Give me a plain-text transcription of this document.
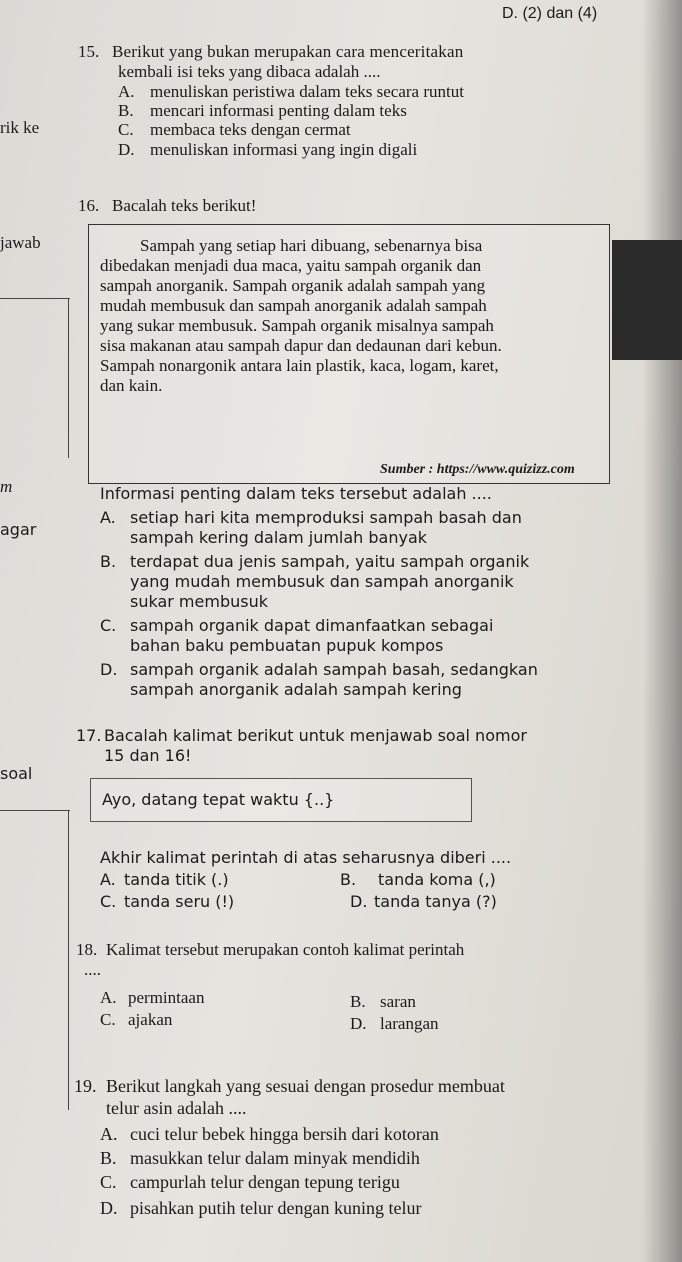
D. (2) dan (4)
rik ke
jawab
m
agar
soal
15. Berikut yang bukan merupakan cara menceritakan
kembali isi teks yang dibaca adalah ....
A. menuliskan peristiwa dalam teks secara runtut
B. mencari informasi penting dalam teks
C. membaca teks dengan cermat
D. menuliskan informasi yang ingin digali
16. Bacalah teks berikut!
Sampah yang setiap hari dibuang, sebenarnya bisa
dibedakan menjadi dua maca, yaitu sampah organik dan
sampah anorganik. Sampah organik adalah sampah yang
mudah membusuk dan sampah anorganik adalah sampah
yang sukar membusuk. Sampah organik misalnya sampah
sisa makanan atau sampah dapur dan dedaunan dari kebun.
Sampah nonargonik antara lain plastik, kaca, logam, karet,
dan kain.
Sumber : https://www.quizizz.com
Informasi penting dalam teks tersebut adalah ....
A. setiap hari kita memproduksi sampah basah dan
sampah kering dalam jumlah banyak
B. terdapat dua jenis sampah, yaitu sampah organik
yang mudah membusuk dan sampah anorganik
sukar membusuk
C. sampah organik dapat dimanfaatkan sebagai
bahan baku pembuatan pupuk kompos
D. sampah organik adalah sampah basah, sedangkan
sampah anorganik adalah sampah kering
17. Bacalah kalimat berikut untuk menjawab soal nomor
15 dan 16!
Ayo, datang tepat waktu {..}
Akhir kalimat perintah di atas seharusnya diberi ....
A. tanda titik (.)	B. tanda koma (,)
C. tanda seru (!)	D. tanda tanya (?)
18. Kalimat tersebut merupakan contoh kalimat perintah
....
A. permintaan	B. saran
C. ajakan	D. larangan
19. Berikut langkah yang sesuai dengan prosedur membuat
telur asin adalah ....
A. cuci telur bebek hingga bersih dari kotoran
B. masukkan telur dalam minyak mendidih
C. campurlah telur dengan tepung terigu
D. pisahkan putih telur dengan kuning telur
